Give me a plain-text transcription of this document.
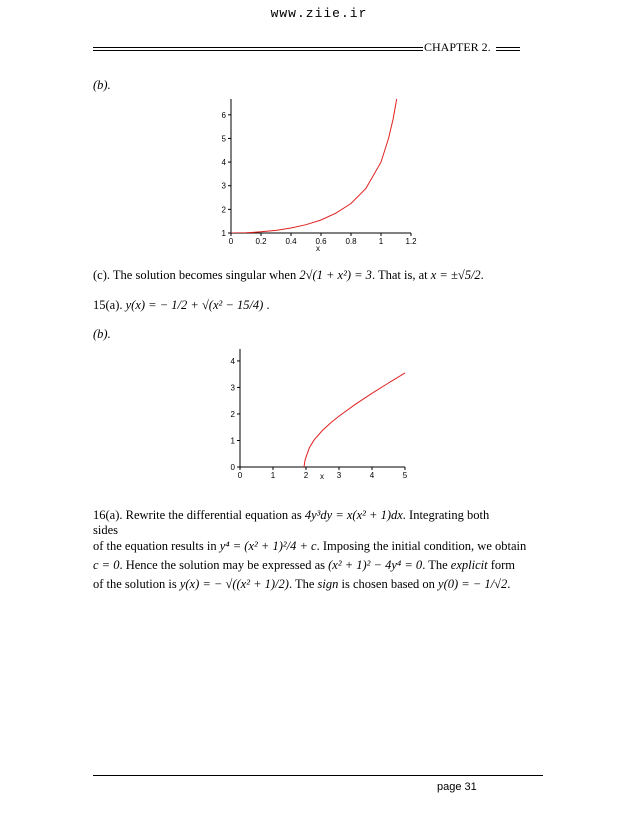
www.ziie.ir
CHAPTER 2.
(b).
0	0.2 0.4 0.6 0.8	1	1.2
1
2
3
4
5
6
x
(c). The solution becomes singular when 2√(1 + x²) = 3. That is, at x = ±√5/2.
15(a). y(x) = − 1/2 + √(x² − 15/4) .
(b).
0	1	2	3	4	5
0
1
2
3
4
x
16(a). Rewrite the differential equation as 4y³dy = x(x² + 1)dx. Integrating both
sides
of the equation results in y⁴ = (x² + 1)²/4 + c. Imposing the initial condition, we obtain
c = 0. Hence the solution may be expressed as (x² + 1)² − 4y⁴ = 0. The explicit form
of the solution is y(x) = − √((x² + 1)/2). The sign is chosen based on y(0) = − 1/√2.
page 31
